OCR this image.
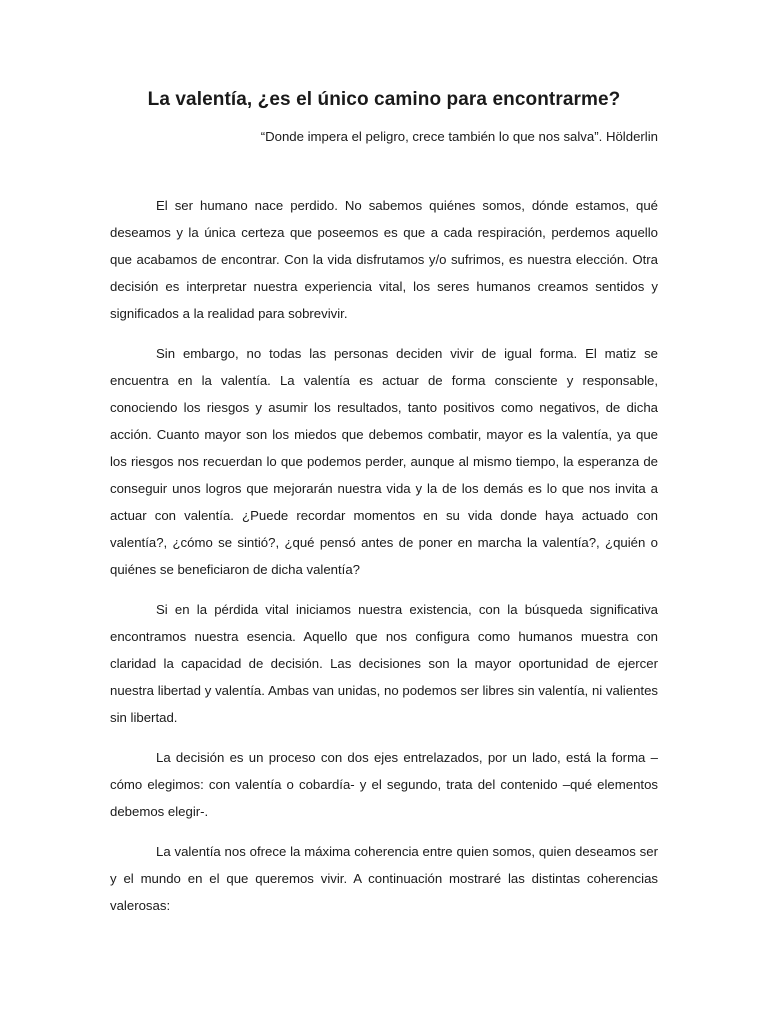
La valentía, ¿es el único camino para encontrarme?

“Donde impera el peligro, crece también lo que nos salva”. Hölderlin

El ser humano nace perdido. No sabemos quiénes somos, dónde estamos, qué deseamos y la única certeza que poseemos es que a cada respiración, perdemos aquello que acabamos de encontrar. Con la vida disfrutamos y/o sufrimos, es nuestra elección. Otra decisión es interpretar nuestra experiencia vital, los seres humanos creamos sentidos y significados a la realidad para sobrevivir.

Sin embargo, no todas las personas deciden vivir de igual forma. El matiz se encuentra en la valentía. La valentía es actuar de forma consciente y responsable, conociendo los riesgos y asumir los resultados, tanto positivos como negativos, de dicha acción. Cuanto mayor son los miedos que debemos combatir, mayor es la valentía, ya que los riesgos nos recuerdan lo que podemos perder, aunque al mismo tiempo, la esperanza de conseguir unos logros que mejorarán nuestra vida y la de los demás es lo que nos invita a actuar con valentía. ¿Puede recordar momentos en su vida donde haya actuado con valentía?, ¿cómo se sintió?, ¿qué pensó antes de poner en marcha la valentía?, ¿quién o quiénes se beneficiaron de dicha valentía?

Si en la pérdida vital iniciamos nuestra existencia, con la búsqueda significativa encontramos nuestra esencia. Aquello que nos configura como humanos muestra con claridad la capacidad de decisión. Las decisiones son la mayor oportunidad de ejercer nuestra libertad y valentía. Ambas van unidas, no podemos ser libres sin valentía, ni valientes sin libertad.

La decisión es un proceso con dos ejes entrelazados, por un lado, está la forma –cómo elegimos: con valentía o cobardía- y el segundo, trata del contenido –qué elementos debemos elegir-.

La valentía nos ofrece la máxima coherencia entre quien somos, quien deseamos ser y el mundo en el que queremos vivir. A continuación mostraré las distintas coherencias valerosas:
